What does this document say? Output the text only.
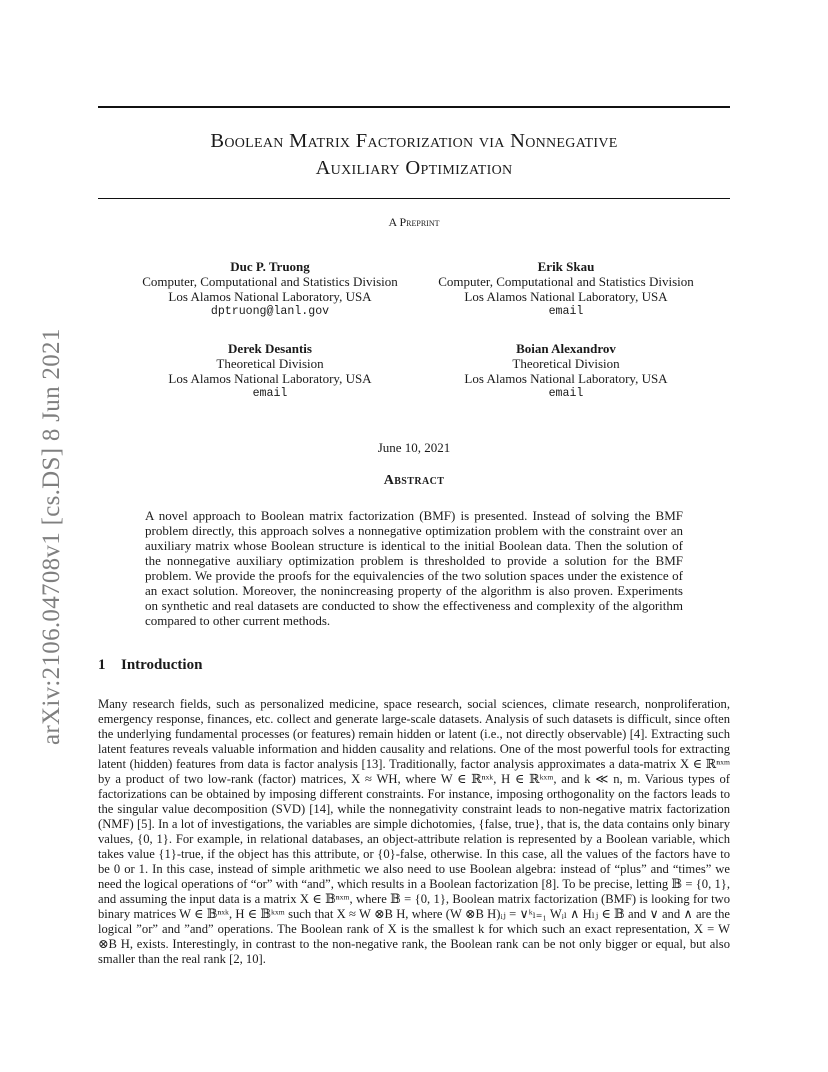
arXiv:2106.04708v1 [cs.DS] 8 Jun 2021
Boolean Matrix Factorization via Nonnegative
Auxiliary Optimization
A Preprint
Duc P. Truong
Computer, Computational and Statistics Division
Los Alamos National Laboratory, USA
dptruong@lanl.gov
Erik Skau
Computer, Computational and Statistics Division
Los Alamos National Laboratory, USA
email
Derek Desantis
Theoretical Division
Los Alamos National Laboratory, USA
email
Boian Alexandrov
Theoretical Division
Los Alamos National Laboratory, USA
email
June 10, 2021
Abstract
A novel approach to Boolean matrix factorization (BMF) is presented. Instead of solving the BMF problem directly, this approach solves a nonnegative optimization problem with the constraint over an auxiliary matrix whose Boolean structure is identical to the initial Boolean data. Then the solution of the nonnegative auxiliary optimization problem is thresholded to provide a solution for the BMF problem. We provide the proofs for the equivalencies of the two solution spaces under the existence of an exact solution. Moreover, the nonincreasing property of the algorithm is also proven. Experiments on synthetic and real datasets are conducted to show the effectiveness and complexity of the algorithm compared to other current methods.
1 Introduction
Many research fields, such as personalized medicine, space research, social sciences, climate research, nonproliferation, emergency response, finances, etc. collect and generate large-scale datasets. Analysis of such datasets is difficult, since often the underlying fundamental processes (or features) remain hidden or latent (i.e., not directly observable) [4]. Extracting such latent features reveals valuable information and hidden causality and relations. One of the most powerful tools for extracting latent (hidden) features from data is factor analysis [13]. Traditionally, factor analysis approximates a data-matrix X ∈ ℝⁿˣᵐ by a product of two low-rank (factor) matrices, X ≈ WH, where W ∈ ℝⁿˣᵏ, H ∈ ℝᵏˣᵐ, and k ≪ n, m. Various types of factorizations can be obtained by imposing different constraints. For instance, imposing orthogonality on the factors leads to the singular value decomposition (SVD) [14], while the nonnegativity constraint leads to non-negative matrix factorization (NMF) [5]. In a lot of investigations, the variables are simple dichotomies, {false, true}, that is, the data contains only binary values, {0, 1}. For example, in relational databases, an object-attribute relation is represented by a Boolean variable, which takes value {1}-true, if the object has this attribute, or {0}-false, otherwise. In this case, all the values of the factors have to be 0 or 1. In this case, instead of simple arithmetic we also need to use Boolean algebra: instead of “plus” and “times” we need the logical operations of “or” with “and”, which results in a Boolean factorization [8]. To be precise, letting 𝔹 = {0, 1}, and assuming the input data is a matrix X ∈ 𝔹ⁿˣᵐ, where 𝔹 = {0, 1}, Boolean matrix factorization (BMF) is looking for two binary matrices W ∈ 𝔹ⁿˣᵏ, H ∈ 𝔹ᵏˣᵐ such that X ≈ W ⊗B H, where (W ⊗B H)ᵢⱼ = ∨ᵏₗ₌₁ Wᵢₗ ∧ Hₗⱼ ∈ 𝔹 and ∨ and ∧ are the logical ”or” and ”and” operations. The Boolean rank of X is the smallest k for which such an exact representation, X = W ⊗B H, exists. Interestingly, in contrast to the non-negative rank, the Boolean rank can be not only bigger or equal, but also smaller than the real rank [2, 10].
